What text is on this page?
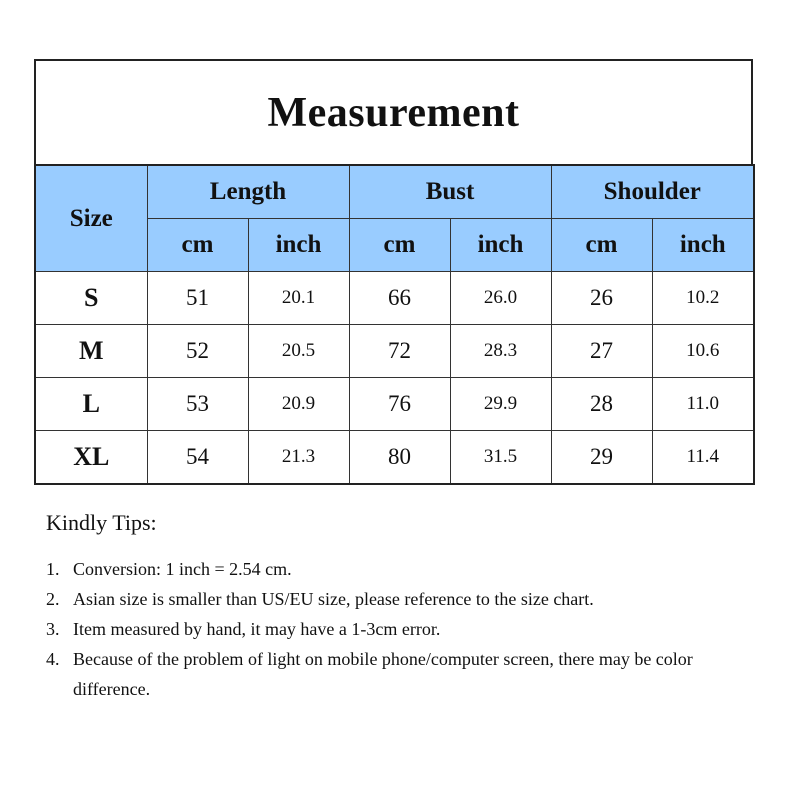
Measurement
Size	Length		Bust		Shoulder	
	cm	inch	cm	inch	cm	inch
S	51	20.1	66	26.0	26	10.2
M	52	20.5	72	28.3	27	10.6
L	53	20.9	76	29.9	28	11.0
XL	54	21.3	80	31.5	29	11.4
Kindly Tips:
1. Conversion: 1 inch = 2.54 cm.
2. Asian size is smaller than US/EU size, please reference to the size chart.
3. Item measured by hand, it may have a 1-3cm error.
4. Because of the problem of light on mobile phone/computer screen, there may be color difference.
